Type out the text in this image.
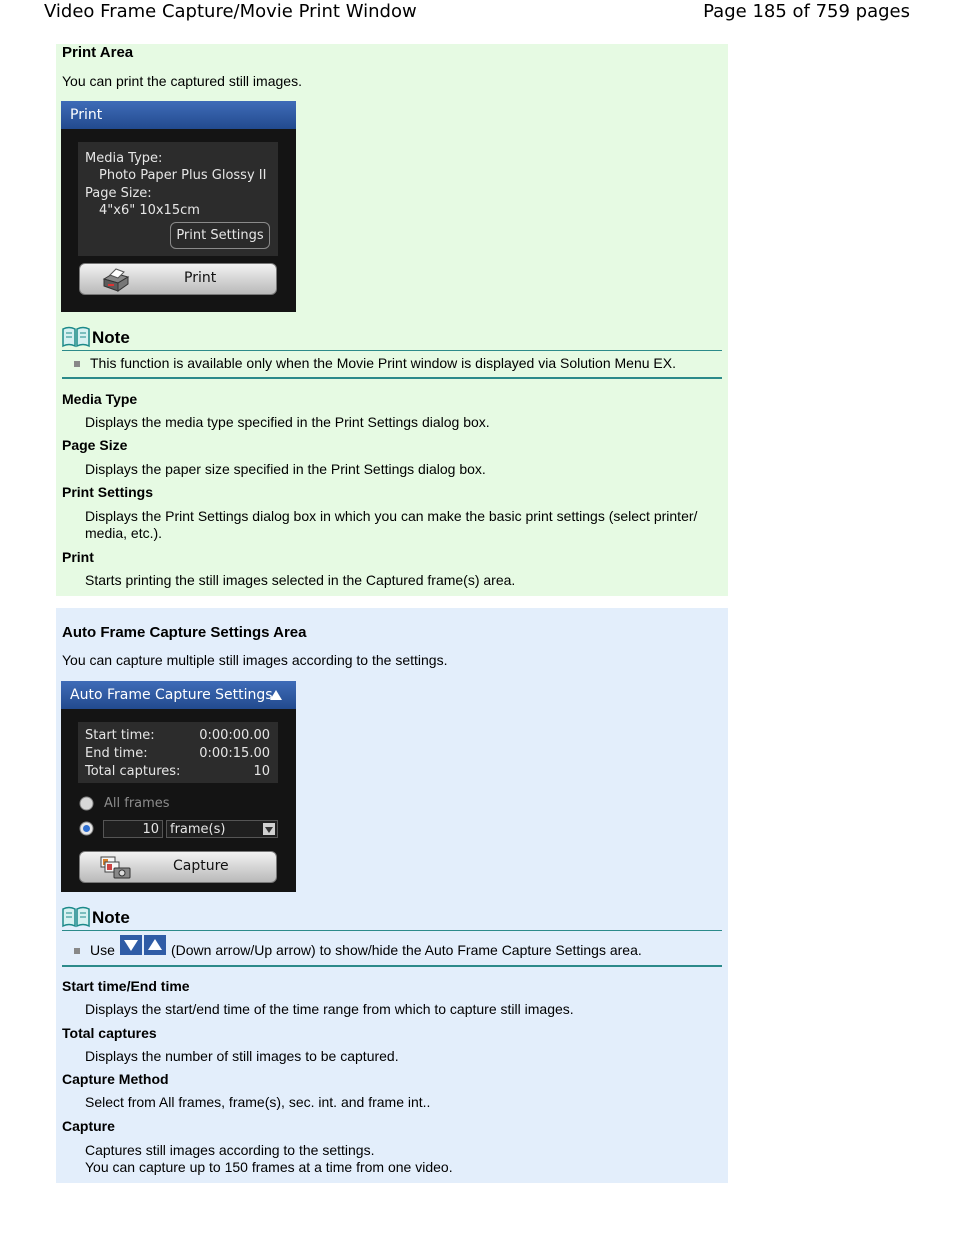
Video Frame Capture/Movie Print Window	Page 185 of 759 pages
Print Area
You can print the captured still images.
Print
Media Type:
Photo Paper Plus Glossy II
Page Size:
4"x6" 10x15cm
Print Settings
Print
Note
This function is available only when the Movie Print window is displayed via Solution Menu EX.
Media Type
Displays the media type specified in the Print Settings dialog box.
Page Size
Displays the paper size specified in the Print Settings dialog box.
Print Settings
Displays the Print Settings dialog box in which you can make the basic print settings (select printer/ media, etc.).
Print
Starts printing the still images selected in the Captured frame(s) area.
Auto Frame Capture Settings Area
You can capture multiple still images according to the settings.
Auto Frame Capture Settings
Start time:	0:00:00.00
End time:	0:00:15.00
Total captures:	10
All frames
10 frame(s)
Capture
Note
Use	(Down arrow/Up arrow) to show/hide the Auto Frame Capture Settings area.
Start time/End time
Displays the start/end time of the time range from which to capture still images.
Total captures
Displays the number of still images to be captured.
Capture Method
Select from All frames, frame(s), sec. int. and frame int..
Capture
Captures still images according to the settings.
You can capture up to 150 frames at a time from one video.
